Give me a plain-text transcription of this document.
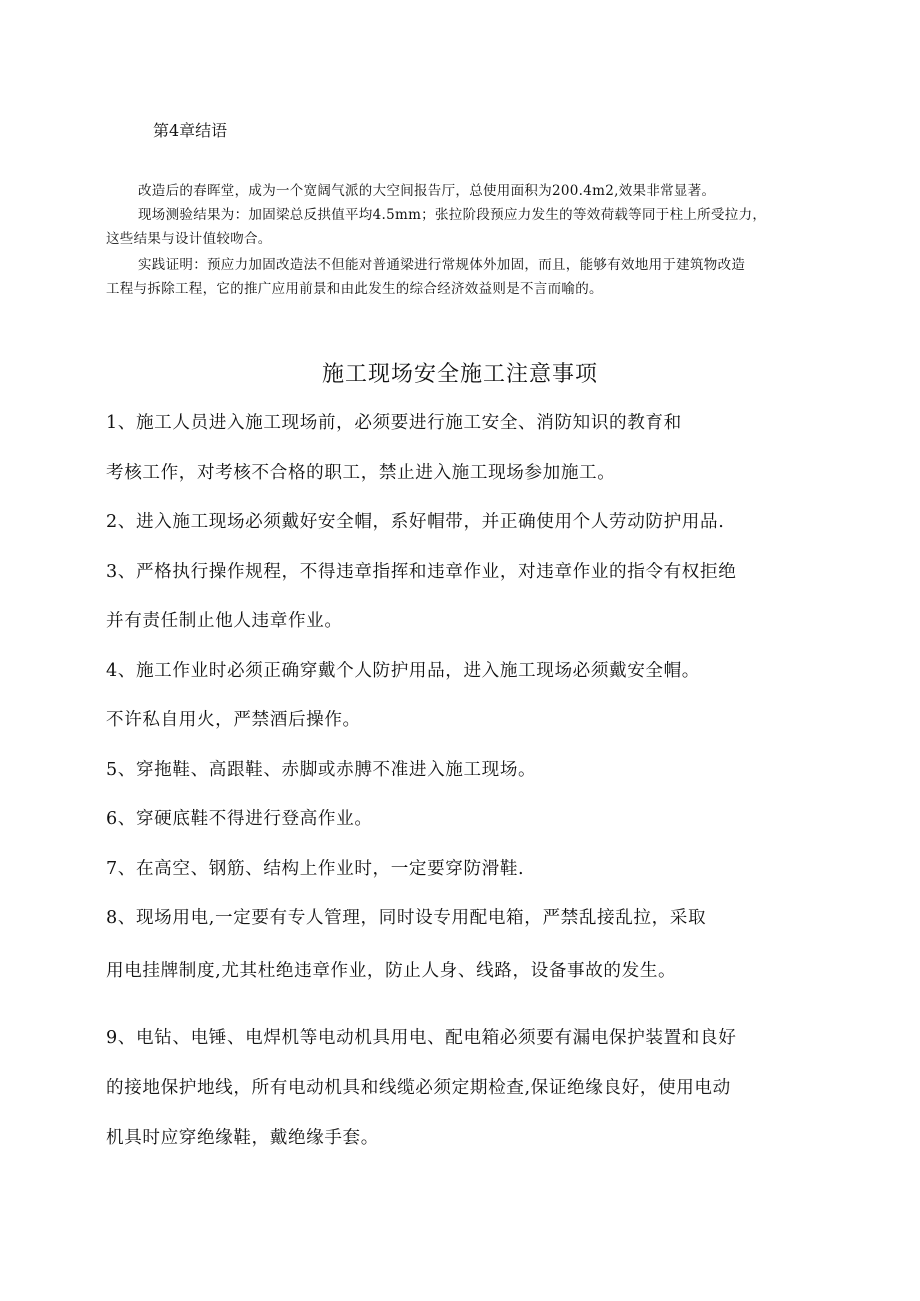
第4章结语
改造后的春晖堂，成为一个宽阔气派的大空间报告厅，总使用面积为200.4m2,效果非常显著。
现场测验结果为：加固梁总反拱值平均4.5mm；张拉阶段预应力发生的等效荷载等同于柱上所受拉力，
这些结果与设计值较吻合。
实践证明：预应力加固改造法不但能对普通梁进行常规体外加固，而且，能够有效地用于建筑物改造
工程与拆除工程，它的推广应用前景和由此发生的综合经济效益则是不言而喻的。
施工现场安全施工注意事项
1、施工人员进入施工现场前，必须要进行施工安全、消防知识的教育和
考核工作，对考核不合格的职工，禁止进入施工现场参加施工。
2、进入施工现场必须戴好安全帽，系好帽带，并正确使用个人劳动防护用品.
3、严格执行操作规程，不得违章指挥和违章作业，对违章作业的指令有权拒绝
并有责任制止他人违章作业。
4、施工作业时必须正确穿戴个人防护用品，进入施工现场必须戴安全帽。
不许私自用火，严禁酒后操作。
5、穿拖鞋、高跟鞋、赤脚或赤膊不准进入施工现场。
6、穿硬底鞋不得进行登高作业。
7、在高空、钢筋、结构上作业时，一定要穿防滑鞋.
8、现场用电,一定要有专人管理，同时设专用配电箱，严禁乱接乱拉，采取
用电挂牌制度,尤其杜绝违章作业，防止人身、线路，设备事故的发生。
9、电钻、电锤、电焊机等电动机具用电、配电箱必须要有漏电保护装置和良好
的接地保护地线，所有电动机具和线缆必须定期检查,保证绝缘良好，使用电动
机具时应穿绝缘鞋，戴绝缘手套。
